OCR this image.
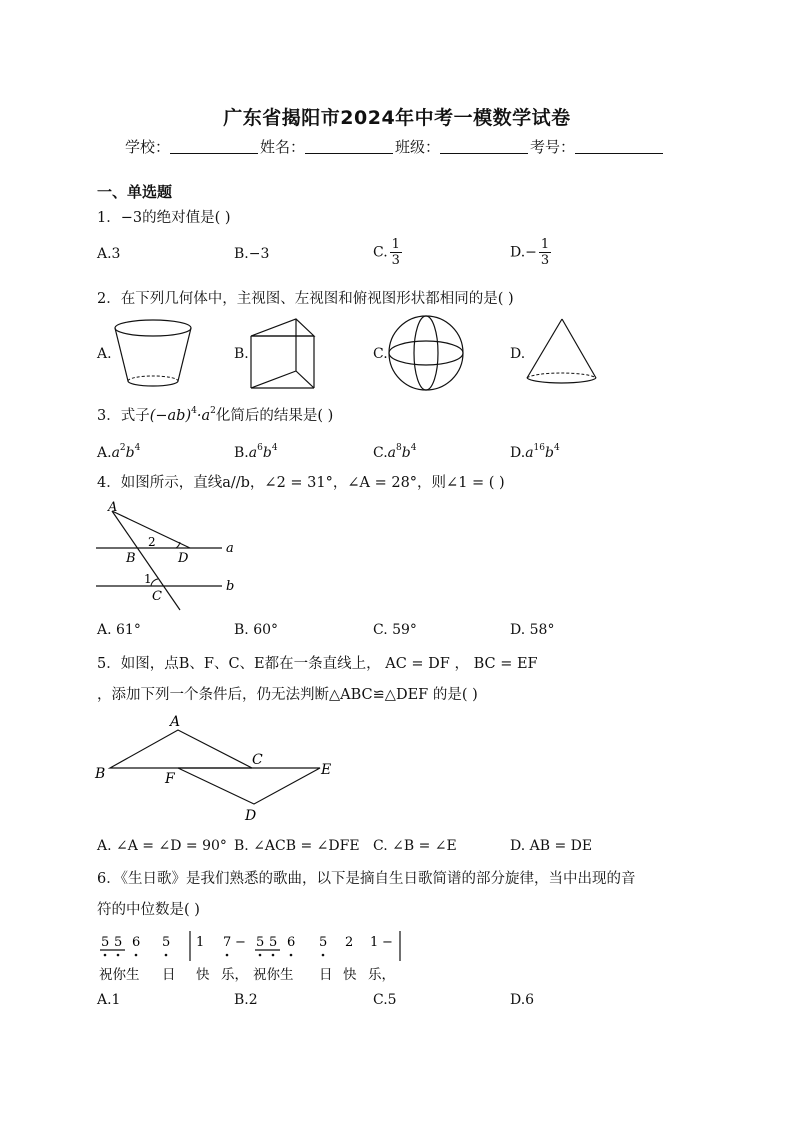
广东省揭阳市2024年中考一模数学试卷
学校：	姓名：	班级：	考号：
一、单选题
1．−3的绝对值是( )
A.3	B.−3	C. $\frac{1}{3}$	$D.- \frac{1}{3}$
2．在下列几何体中，主视图、左视图和俯视图形状都相同的是( )
A.	B.	C.	D.
3．式子$(-ab)^4\cdot a^2$化简后的结果是( )
$A.a^2b^4$	$B.a^6b^4$	$C.a^8b^4$	$D.a^{16}b^4$
4．如图所示，直线a//b，∠2 = 31°，∠A = 28°，则∠1 = ( )
A
B	D
C
a
b
1
2
A. 61°	B. 60°	C. 59°	D. 58°
5．如图，点B、F、C、E都在一条直线上， AC = DF ， BC = EF
，添加下列一个条件后，仍无法判断△ABC≌△DEF 的是( )
A
B
C
E
F
D
A. ∠A = ∠D = 90° B. ∠ACB = ∠DFE C. ∠B = ∠E	D. AB = DE
6．《生日歌》是我们熟悉的歌曲，以下是摘自生日歌简谱的部分旋律，当中出现的音
符的中位数是( )
5 5 6 5 1 7 − 5 5 6 5 2 1 −
祝你生 日 快 乐， 祝你生 日 快 乐，
A.1	B.2	C.5	D.6
